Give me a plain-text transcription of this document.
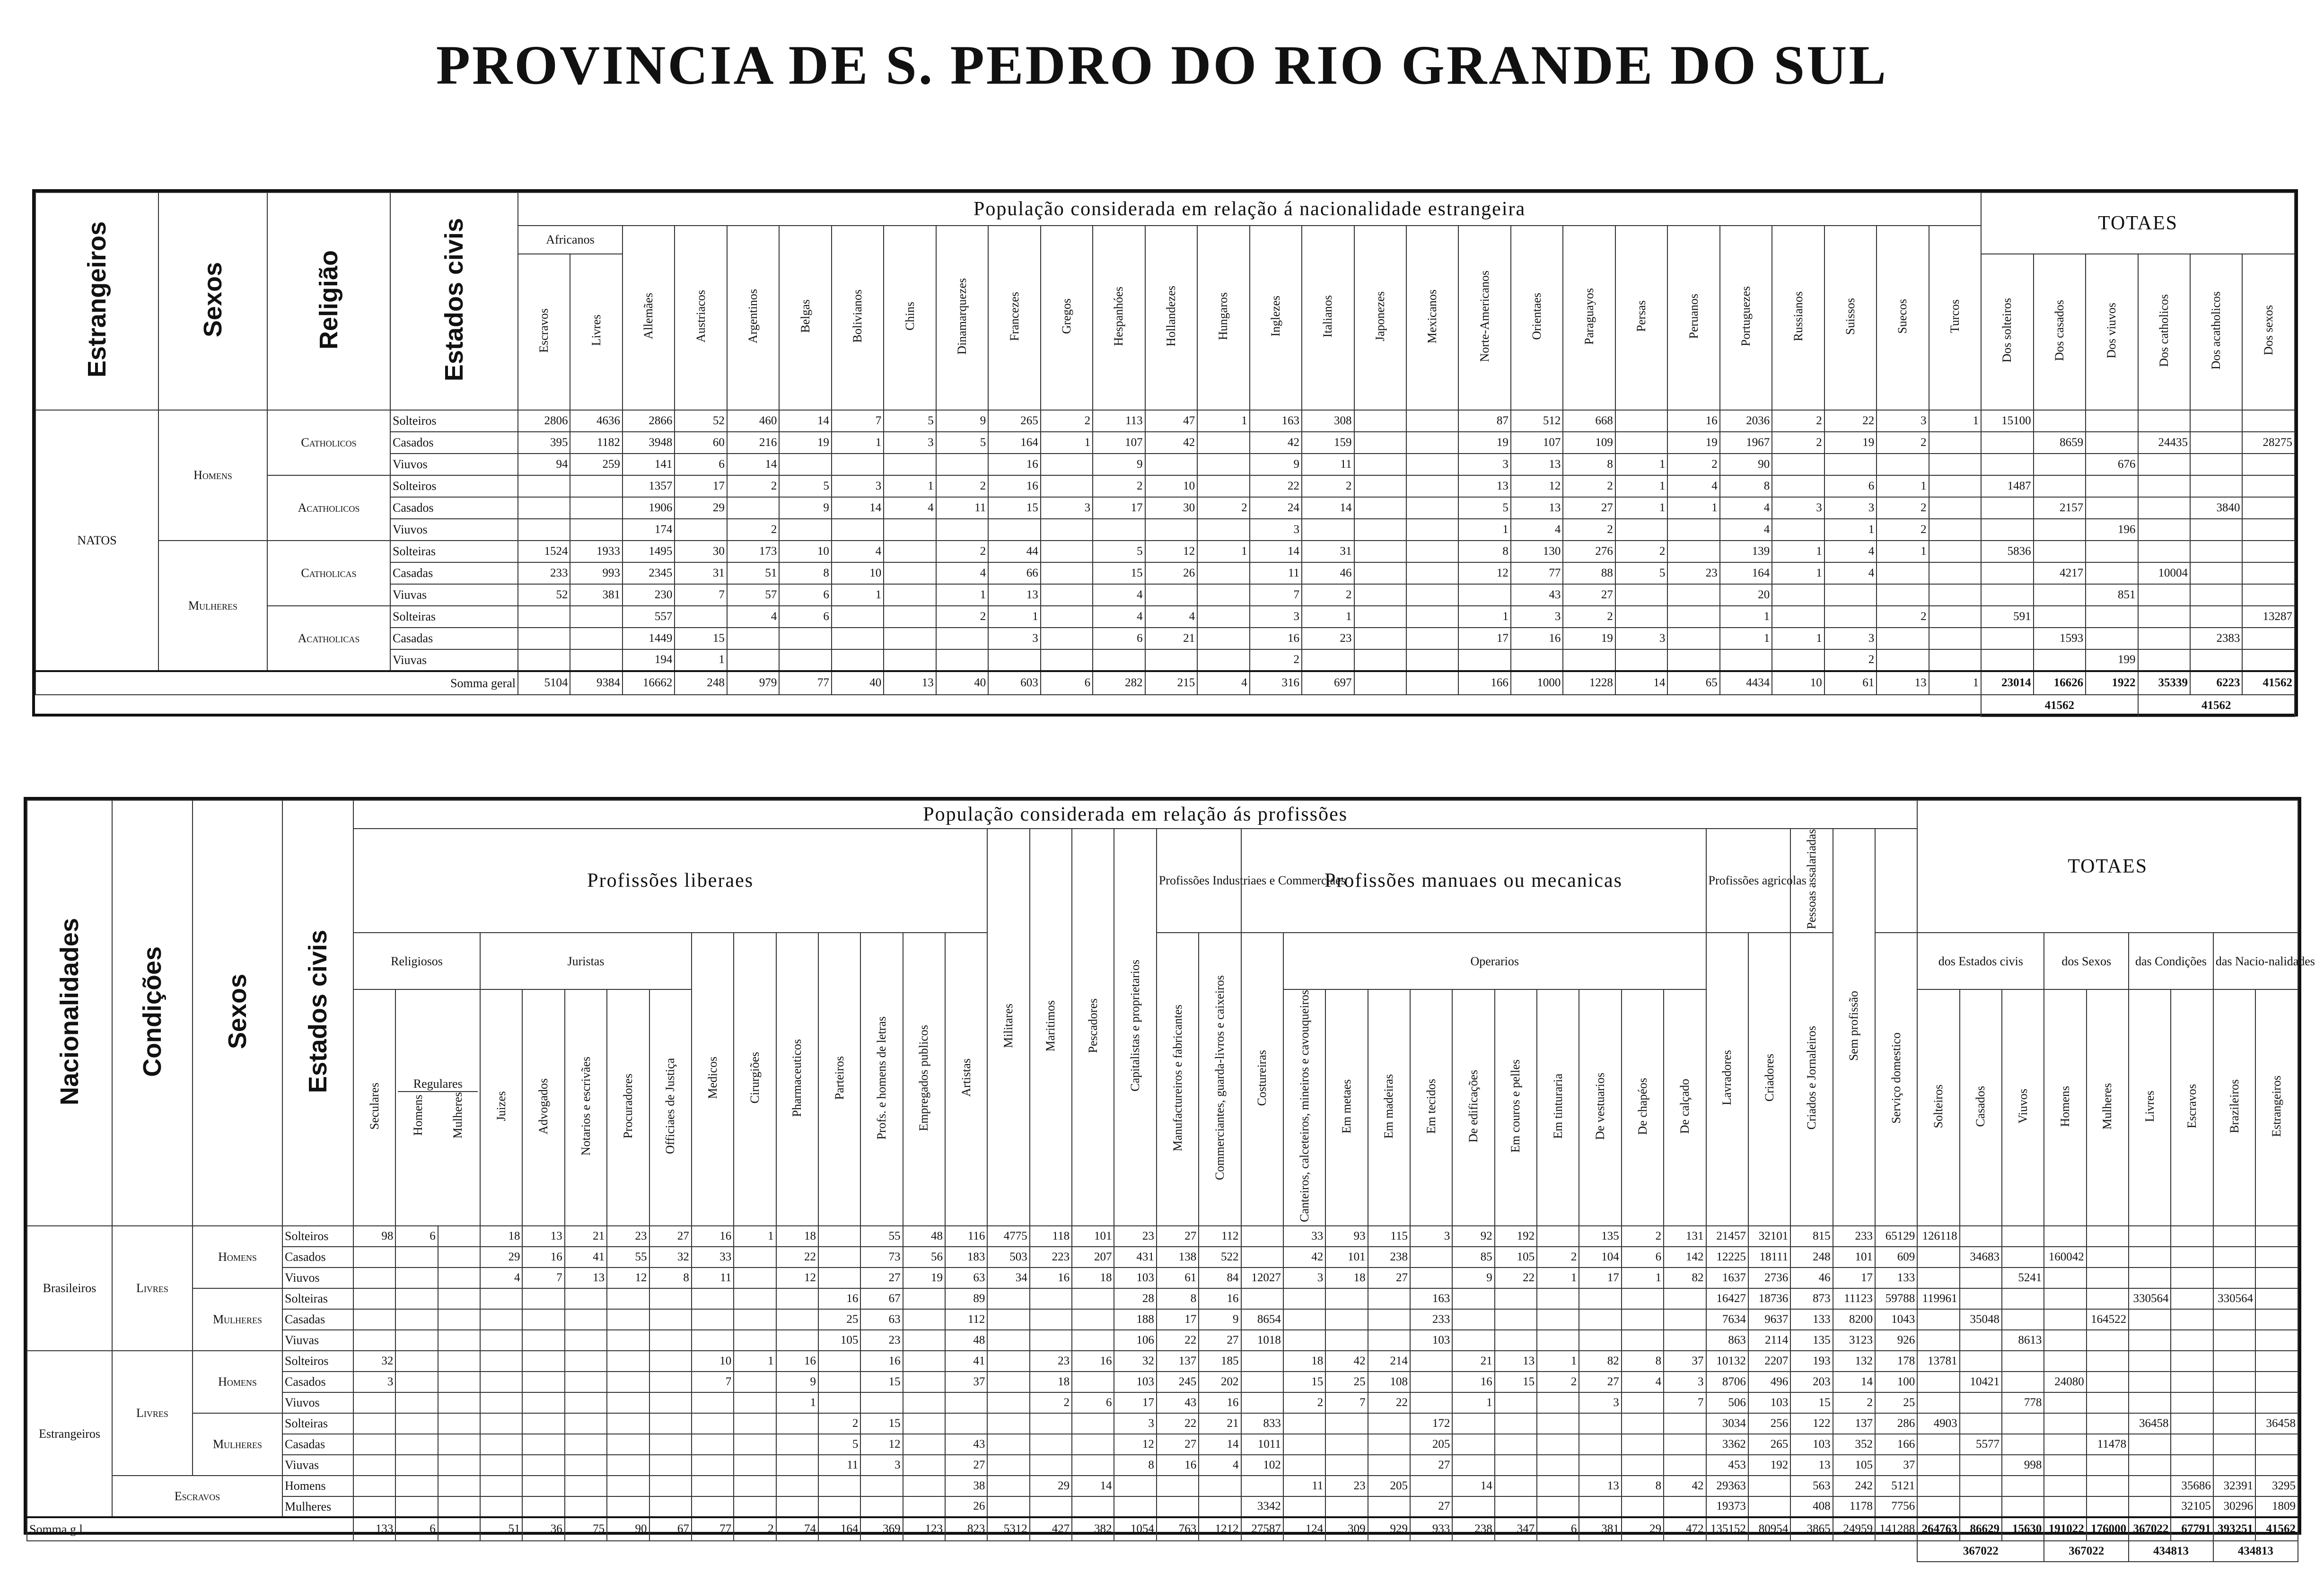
PROVINCIA DE S. PEDRO DO RIO GRANDE DO SUL
Estrangeiros	Sexos	Religião	Estados civis	População considerada em relação á nacionalidade estrangeira																												TOTAES					
				Africanos		Allemães	Austriacos	Argentinos	Belgas	Bolivianos	Chins	Dinamarquezes	Francezes	Gregos	Hespanhóes	Hollandezes	Hungaros	Inglezes	Italianos	Japonezes	Mexicanos	Norte-Americanos	Orientaes	Paraguayos	Persas	Peruanos	Portuguezes	Russianos	Suissos	Suecos	Turcos						
				Escravos	Livres																											Dos solteiros	Dos casados	Dos viuvos	Dos catholicos	Dos acatholicos	Dos sexos
NATOS	Homens	Catholicos	Solteiros	2806	4636	2866	52	460	14	7	5	9	265	2	113	47	1	163	308			87	512	668		16	2036	2	22	3	1	15100					
			Casados	395	1182	3948	60	216	19	1	3	5	164	1	107	42		42	159			19	107	109		19	1967	2	19	2			8659		24435		28275
			Viuvos	94	259	141	6	14					16		9			9	11			3	13	8	1	2	90							676			
		Acatholicos	Solteiros			1357	17	2	5	3	1	2	16		2	10		22	2			13	12	2	1	4	8		6	1		1487					
			Casados			1906	29		9	14	4	11	15	3	17	30	2	24	14			5	13	27	1	1	4	3	3	2			2157			3840	
			Viuvos			174		2										3				1	4	2			4		1	2				196			
	Mulheres	Catholicas	Solteiras	1524	1933	1495	30	173	10	4		2	44		5	12	1	14	31			8	130	276	2		139	1	4	1		5836					
			Casadas	233	993	2345	31	51	8	10		4	66		15	26		11	46			12	77	88	5	23	164	1	4				4217		10004		
			Viuvas	52	381	230	7	57	6	1		1	13		4			7	2				43	27			20							851			
		Acatholicas	Solteiras			557		4	6			2	1		4	4		3	1			1	3	2			1			2		591					13287
			Casadas			1449	15						3		6	21		16	23			17	16	19	3		1	1	3				1593			2383	
			Viuvas			194	1											2											2					199			
Somma geral				5104	9384	16662	248	979	77	40	13	40	603	6	282	215	4	316	697			166	1000	1228	14	65	4434	10	61	13	1	23014	16626	1922	35339	6223	41562
																																41562			41562		
Nacionalidades	Condições	Sexos	Estados civis	População considerada em relação ás profissões																																					TOTAES								
				Profissões liberaes															Militares	Maritimos	Pescadores	Capitalistas e proprietarios	Profissões Industriaes e Commerciaes		Profissões manuaes ou mecanicas											Profissões agricolas		Pessoas assalariadas	Sem profissão										
				Religiosos			Juristas					Medicos	Cirurgiões	Pharmaceuticos	Parteiros	Profs. e homens de letras	Empregados publicos	Artistas					Manufactureiros e fabricantes	Commerciantes, guarda-livros e caixeiros	Costureiras	Operarios										Lavradores	Criadores	Criados e Jornaleiros		Serviço domestico	dos Estados civis			dos Sexos		das Condições		das Nacio-nalidades	
				Seculares	Regulares
Homens Mulheres		Juizes	Advogados	Notarios e escrivães	Procuradores	Officiaes de Justiça															Canteiros, calceteiros, mineiros e cavouqueiros	Em metaes	Em madeiras	Em tecidos	De edificações	Em couros e pelles	Em tinturaria	De vestuarios	De chapéos	De calçado						Solteiros	Casados	Viuvos	Homens	Mulheres	Livres	Escravos	Brazileiros	Estrangeiros
Brasileiros	Livres	Homens	Solteiros	98	6		18	13	21	23	27	16	1	18		55	48	116	4775	118	101	23	27	112		33	93	115	3	92	192		135	2	131	21457	32101	815	233	65129	126118								
			Casados				29	16	41	55	32	33		22		73	56	183	503	223	207	431	138	522		42	101	238		85	105	2	104	6	142	12225	18111	248	101	609		34683		160042					
			Viuvos				4	7	13	12	8	11		12		27	19	63	34	16	18	103	61	84	12027	3	18	27		9	22	1	17	1	82	1637	2736	46	17	133			5241						
		Mulheres	Solteiras												16	67		89				28	8	16					163							16427	18736	873	11123	59788	119961					330564		330564	
			Casadas												25	63		112				188	17	9	8654				233							7634	9637	133	8200	1043		35048			164522				
			Viuvas												105	23		48				106	22	27	1018				103							863	2114	135	3123	926			8613						
Estrangeiros	Livres	Homens	Solteiros	32								10	1	16		16		41		23	16	32	137	185		18	42	214		21	13	1	82	8	37	10132	2207	193	132	178	13781								
			Casados	3								7		9		15		37		18		103	245	202		15	25	108		16	15	2	27	4	3	8706	496	203	14	100		10421		24080					
			Viuvos											1						2	6	17	43	16		2	7	22		1			3		7	506	103	15	2	25			778						
		Mulheres	Solteiras												2	15						3	22	21	833				172							3034	256	122	137	286	4903					36458			36458
			Casadas												5	12		43				12	27	14	1011				205							3362	265	103	352	166		5577			11478				
			Viuvas												11	3		27				8	16	4	102				27							453	192	13	105	37			998						
	Escravos		Homens															38		29	14					11	23	205		14			13	8	42	29363		563	242	5121							35686	32391	3295
			Mulheres															26							3342				27							19373		408	1178	7756							32105	30296	1809
Somma g.l				133	6		51	36	75	90	67	77	2	74	164	369	123	823	5312	427	382	1054	763	1212	27587	124	309	929	933	238	347	6	381	29	472	135152	80954	3865	24959	141288	264763	86629	15630	191022	176000	367022	67791	393251	41562
																																									367022			367022		434813		434813	
